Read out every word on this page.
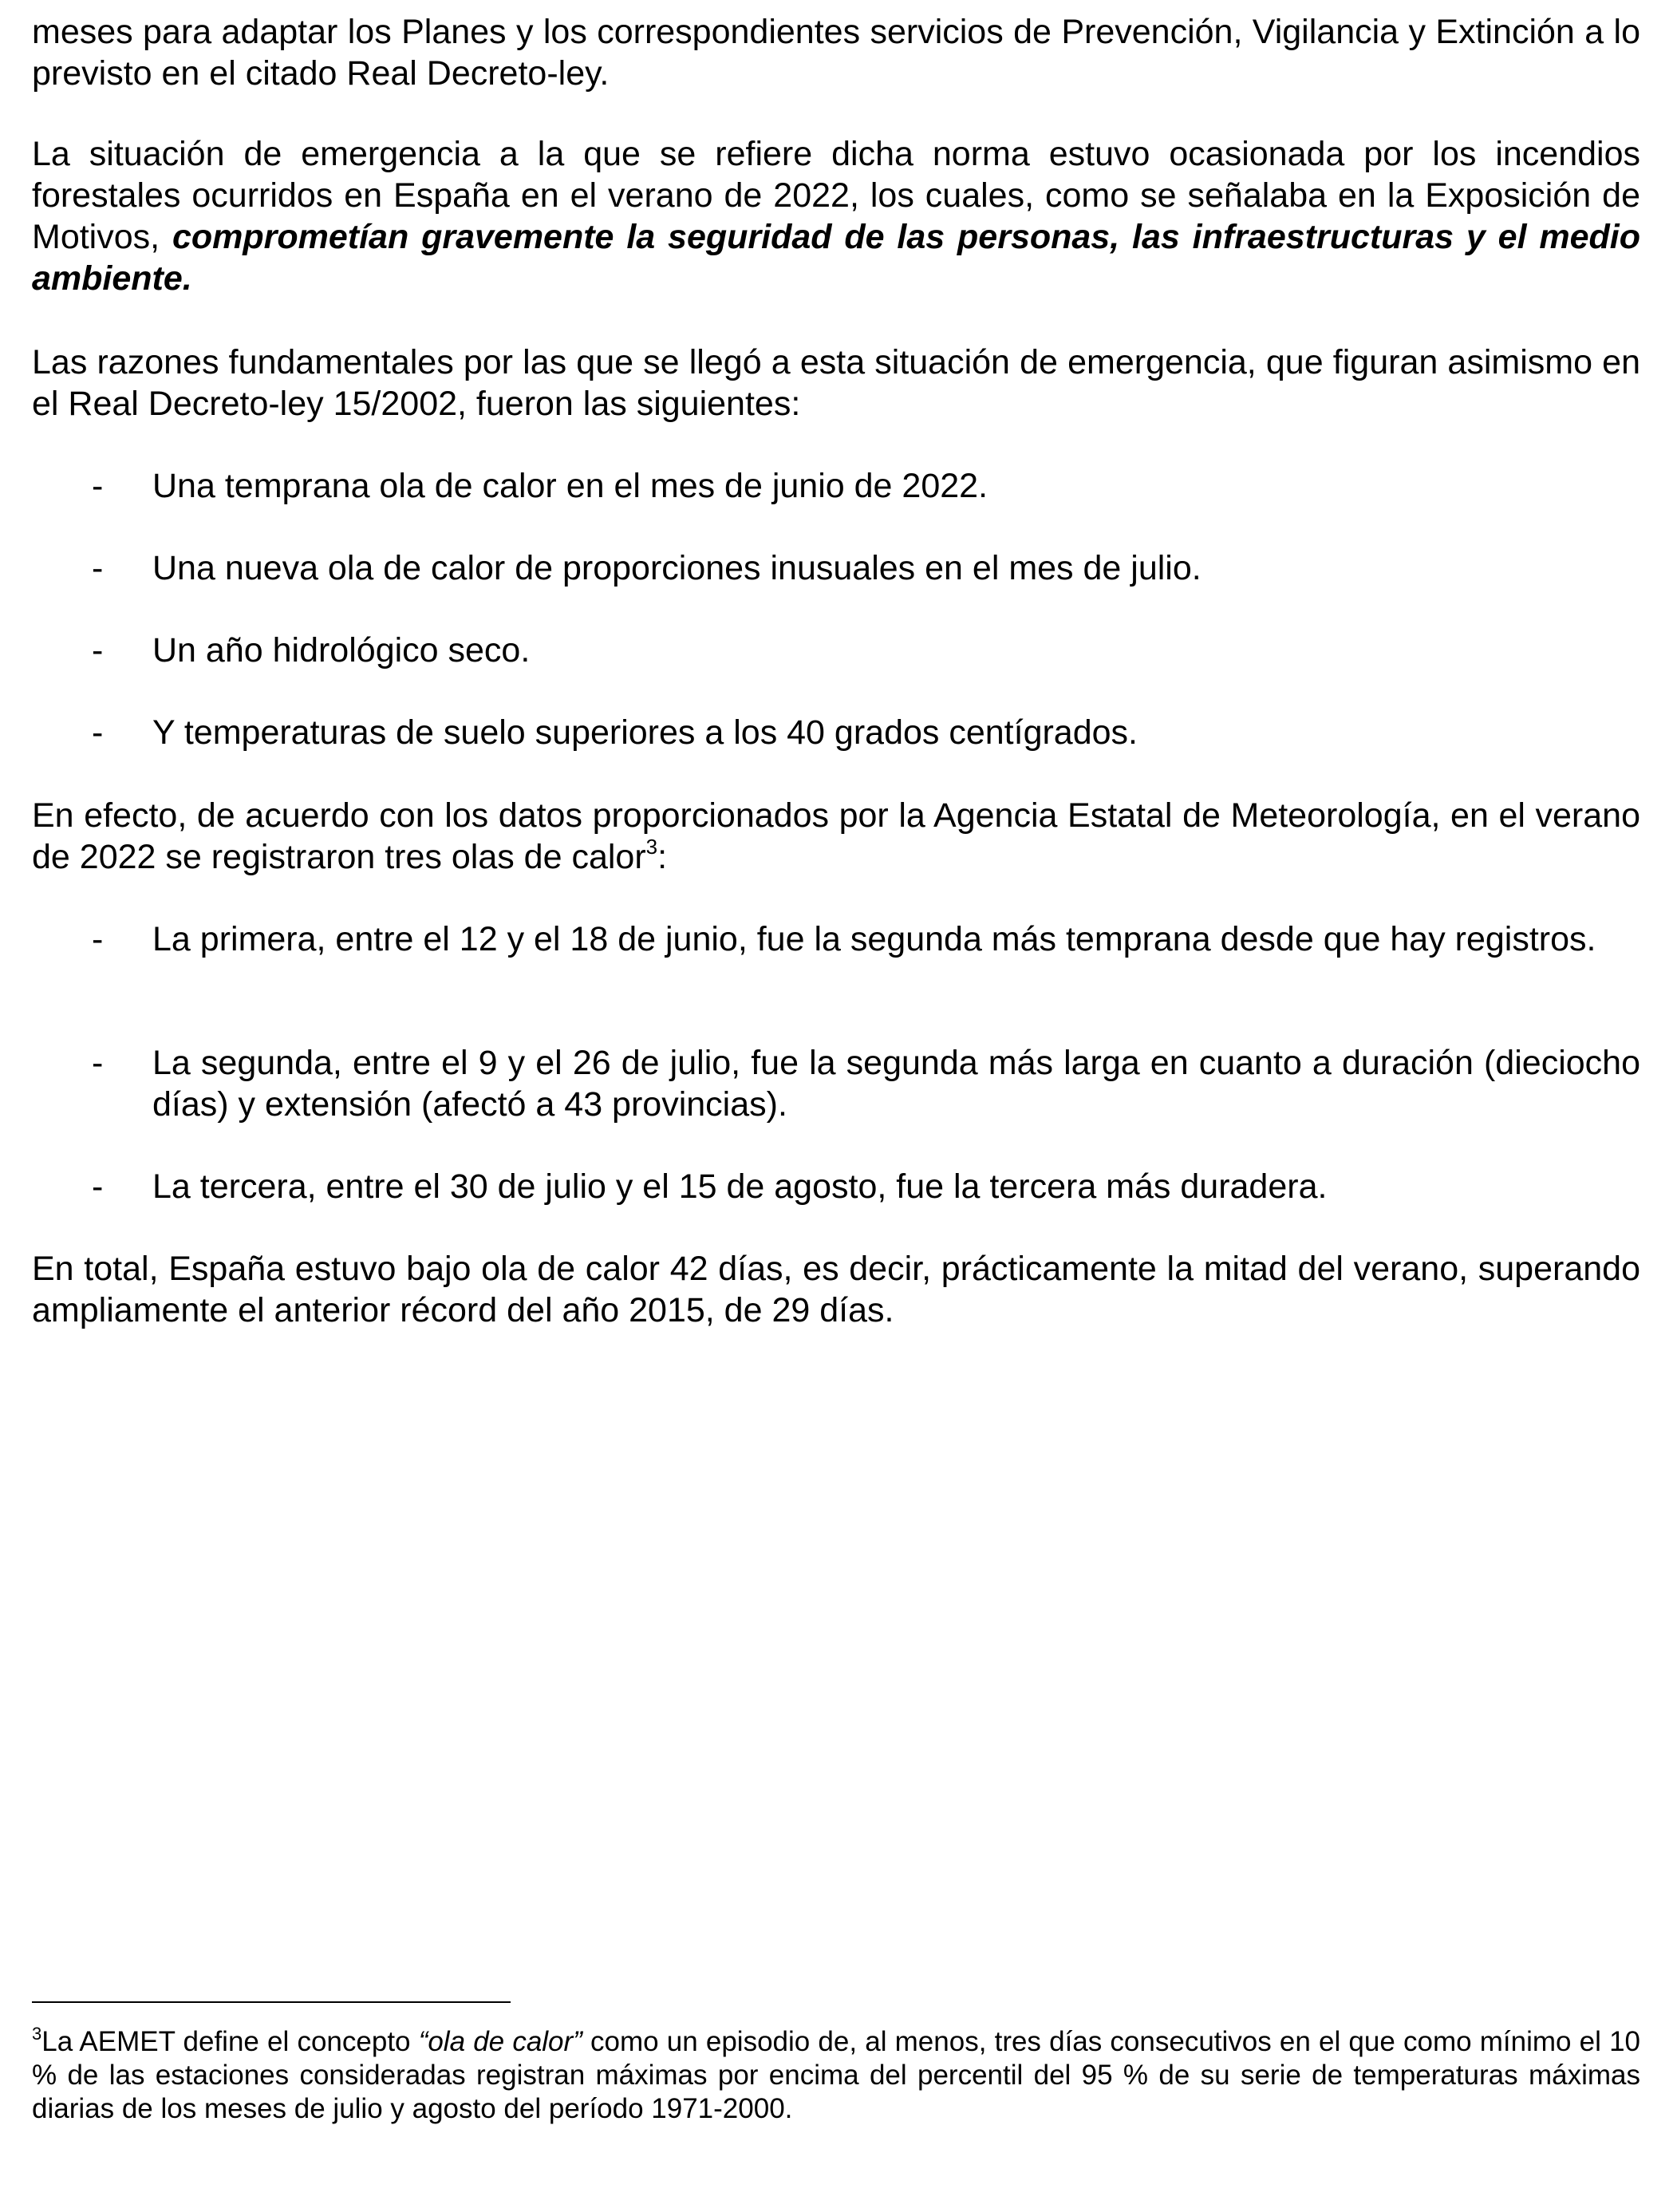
meses para adaptar los Planes y los correspondientes servicios de Prevención, Vigilancia y Extinción a lo previsto en el citado Real Decreto-ley.

La situación de emergencia a la que se refiere dicha norma estuvo ocasionada por los incendios forestales ocurridos en España en el verano de 2022, los cuales, como se señalaba en la Exposición de Motivos, comprometían gravemente la seguridad de las personas, las infraestructuras y el medio ambiente.

Las razones fundamentales por las que se llegó a esta situación de emergencia, que figuran asimismo en el Real Decreto-ley 15/2002, fueron las siguientes:

- Una temprana ola de calor en el mes de junio de 2022.
- Una nueva ola de calor de proporciones inusuales en el mes de julio.
- Un año hidrológico seco.
- Y temperaturas de suelo superiores a los 40 grados centígrados.

En efecto, de acuerdo con los datos proporcionados por la Agencia Estatal de Meteorología, en el verano de 2022 se registraron tres olas de calor$^3$:

- La primera, entre el 12 y el 18 de junio, fue la segunda más temprana desde que hay registros.
- La segunda, entre el 9 y el 26 de julio, fue la segunda más larga en cuanto a duración (dieciocho días) y extensión (afectó a 43 provincias).
- La tercera, entre el 30 de julio y el 15 de agosto, fue la tercera más duradera.

En total, España estuvo bajo ola de calor 42 días, es decir, prácticamente la mitad del verano, superando ampliamente el anterior récord del año 2015, de 29 días.

$^3$La AEMET define el concepto “ola de calor” como un episodio de, al menos, tres días consecutivos en el que como mínimo el 10 % de las estaciones consideradas registran máximas por encima del percentil del 95 % de su serie de temperaturas máximas diarias de los meses de julio y agosto del período 1971-2000.
